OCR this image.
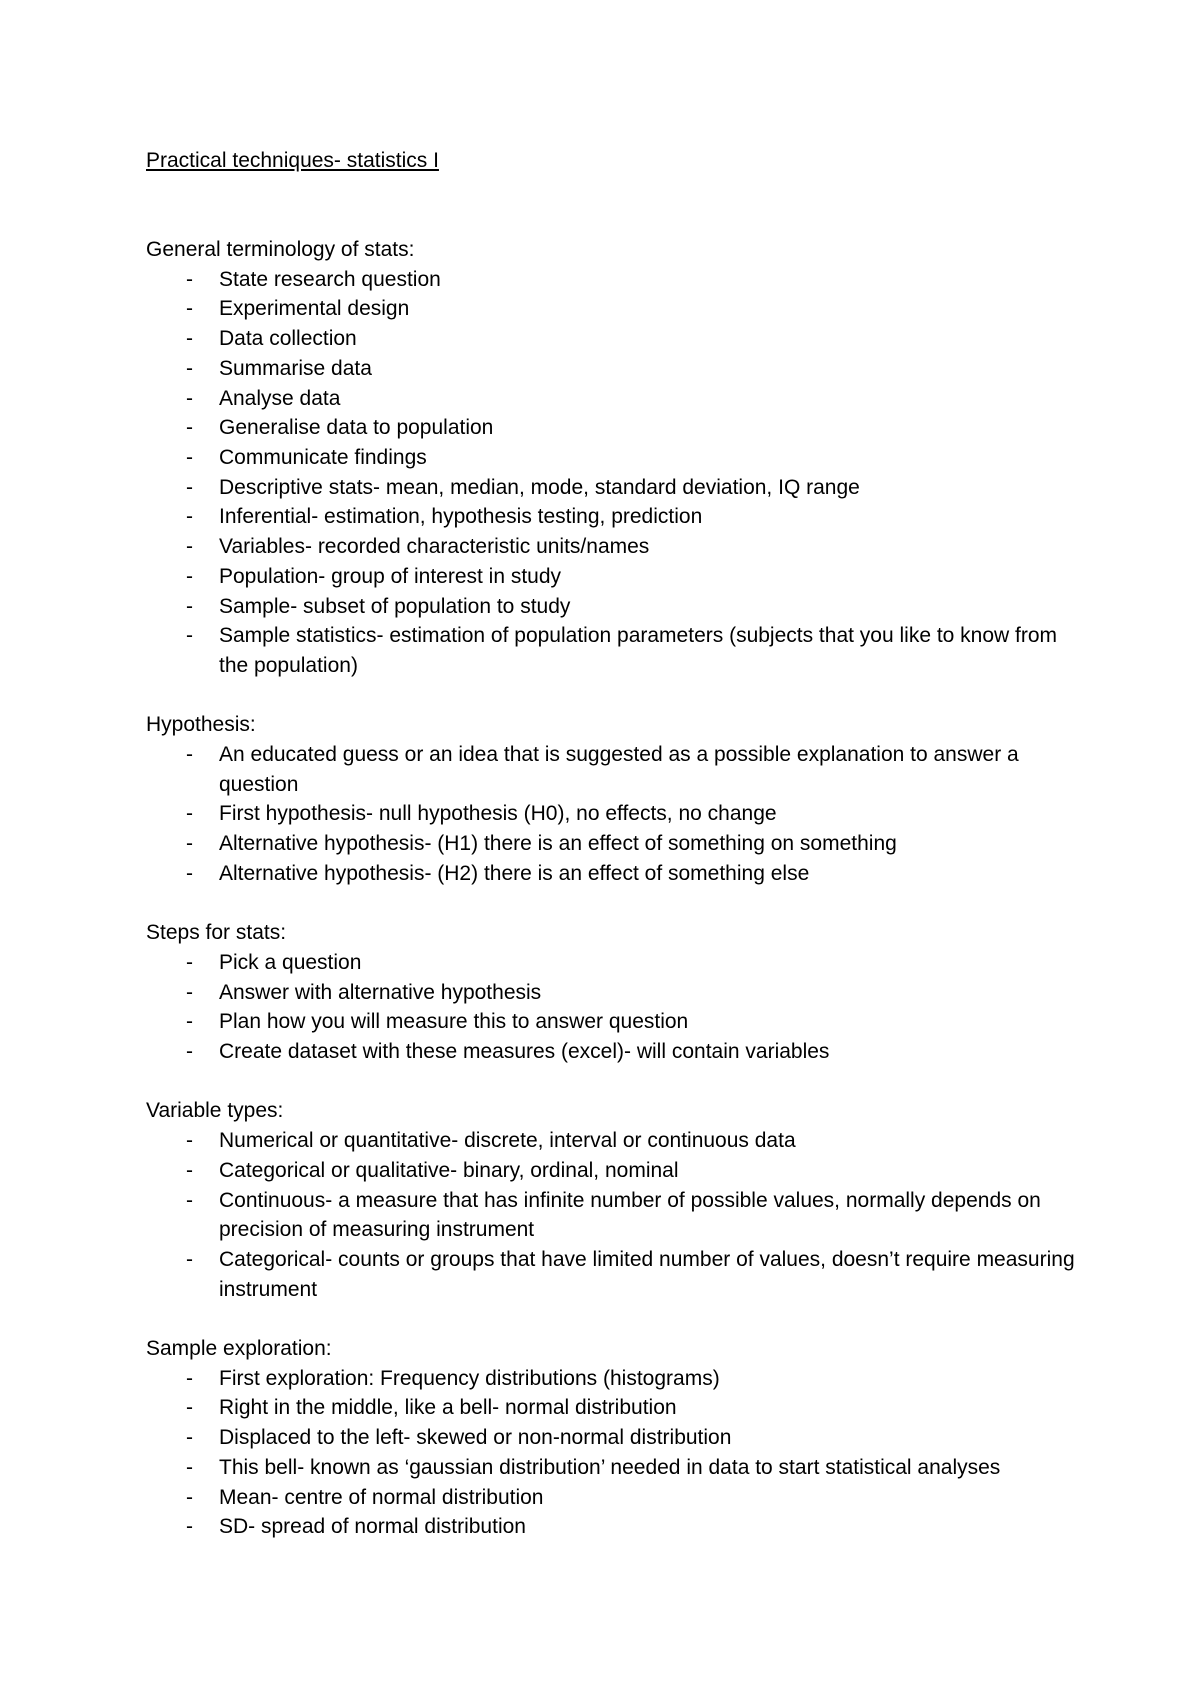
Practical techniques- statistics I
General terminology of stats:
- State research question
- Experimental design
- Data collection
- Summarise data
- Analyse data
- Generalise data to population
- Communicate findings
- Descriptive stats- mean, median, mode, standard deviation, IQ range
- Inferential- estimation, hypothesis testing, prediction
- Variables- recorded characteristic units/names
- Population- group of interest in study
- Sample- subset of population to study
- Sample statistics- estimation of population parameters (subjects that you like to know from the population)
Hypothesis:
- An educated guess or an idea that is suggested as a possible explanation to answer a question
- First hypothesis- null hypothesis (H0), no effects, no change
- Alternative hypothesis- (H1) there is an effect of something on something
- Alternative hypothesis- (H2) there is an effect of something else
Steps for stats:
- Pick a question
- Answer with alternative hypothesis
- Plan how you will measure this to answer question
- Create dataset with these measures (excel)- will contain variables
Variable types:
- Numerical or quantitative- discrete, interval or continuous data
- Categorical or qualitative- binary, ordinal, nominal
- Continuous- a measure that has infinite number of possible values, normally depends on precision of measuring instrument
- Categorical- counts or groups that have limited number of values, doesn’t require measuring instrument
Sample exploration:
- First exploration: Frequency distributions (histograms)
- Right in the middle, like a bell- normal distribution
- Displaced to the left- skewed or non-normal distribution
- This bell- known as ‘gaussian distribution’ needed in data to start statistical analyses
- Mean- centre of normal distribution
- SD- spread of normal distribution
